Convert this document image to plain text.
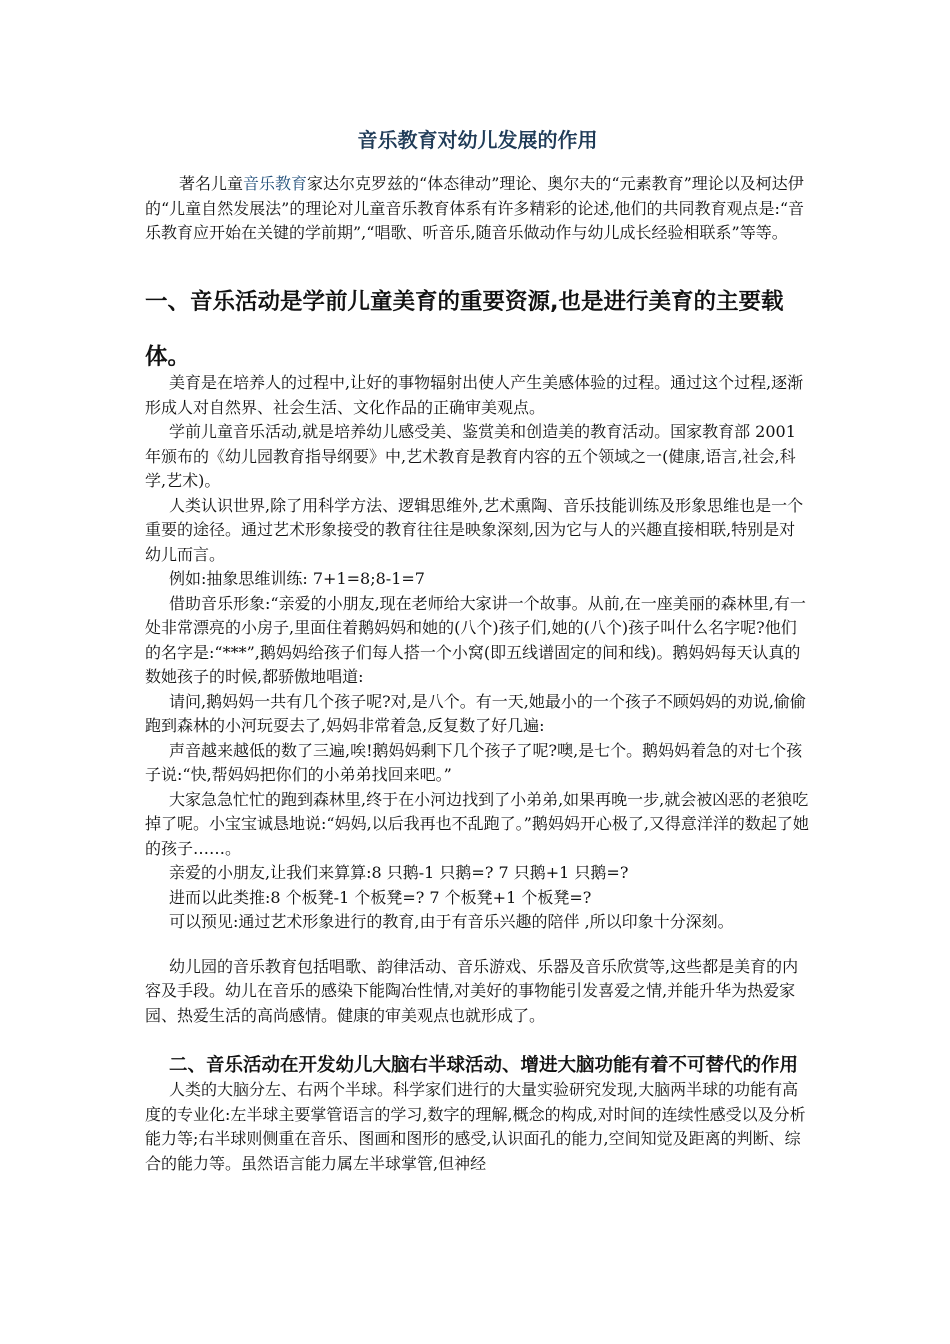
音乐教育对幼儿发展的作用

著名儿童音乐教育家达尔克罗兹的“体态律动”理论、奥尔夫的“元素教育”理论以及柯达伊的“儿童自然发展法”的理论对儿童音乐教育体系有许多精彩的论述,他们的共同教育观点是:“音乐教育应开始在关键的学前期”,“唱歌、听音乐,随音乐做动作与幼儿成长经验相联系”等等。

一、音乐活动是学前儿童美育的重要资源,也是进行美育的主要载体。

美育是在培养人的过程中,让好的事物辐射出使人产生美感体验的过程。通过这个过程,逐渐形成人对自然界、社会生活、文化作品的正确审美观点。

学前儿童音乐活动,就是培养幼儿感受美、鉴赏美和创造美的教育活动。国家教育部 2001 年颁布的《幼儿园教育指导纲要》中,艺术教育是教育内容的五个领域之一(健康,语言,社会,科学,艺术)。

人类认识世界,除了用科学方法、逻辑思维外,艺术熏陶、音乐技能训练及形象思维也是一个重要的途径。通过艺术形象接受的教育往往是映象深刻,因为它与人的兴趣直接相联,特别是对幼儿而言。

例如:抽象思维训练: 7+1=8;8-1=7

借助音乐形象:“亲爱的小朋友,现在老师给大家讲一个故事。从前,在一座美丽的森林里,有一处非常漂亮的小房子,里面住着鹅妈妈和她的(八个)孩子们,她的(八个)孩子叫什么名字呢?他们的名字是:“***”,鹅妈妈给孩子们每人搭一个小窝(即五线谱固定的间和线)。鹅妈妈每天认真的数她孩子的时候,都骄傲地唱道:

请问,鹅妈妈一共有几个孩子呢?对,是八个。有一天,她最小的一个孩子不顾妈妈的劝说,偷偷跑到森林的小河玩耍去了,妈妈非常着急,反复数了好几遍:

声音越来越低的数了三遍,唉!鹅妈妈剩下几个孩子了呢?噢,是七个。鹅妈妈着急的对七个孩子说:“快,帮妈妈把你们的小弟弟找回来吧。”

大家急急忙忙的跑到森林里,终于在小河边找到了小弟弟,如果再晚一步,就会被凶恶的老狼吃掉了呢。小宝宝诚恳地说:“妈妈,以后我再也不乱跑了。”鹅妈妈开心极了,又得意洋洋的数起了她的孩子……。

亲爱的小朋友,让我们来算算:8 只鹅-1 只鹅=? 7 只鹅+1 只鹅=?

进而以此类推:8 个板凳-1 个板凳=? 7 个板凳+1 个板凳=?

可以预见:通过艺术形象进行的教育,由于有音乐兴趣的陪伴 ,所以印象十分深刻。

幼儿园的音乐教育包括唱歌、韵律活动、音乐游戏、乐器及音乐欣赏等,这些都是美育的内容及手段。幼儿在音乐的感染下能陶冶性情,对美好的事物能引发喜爱之情,并能升华为热爱家园、热爱生活的高尚感情。健康的审美观点也就形成了。

二、音乐活动在开发幼儿大脑右半球活动、增进大脑功能有着不可替代的作用

人类的大脑分左、右两个半球。科学家们进行的大量实验研究发现,大脑两半球的功能有高度的专业化:左半球主要掌管语言的学习,数字的理解,概念的构成,对时间的连续性感受以及分析能力等;右半球则侧重在音乐、图画和图形的感受,认识面孔的能力,空间知觉及距离的判断、综合的能力等。虽然语言能力属左半球掌管,但神经
